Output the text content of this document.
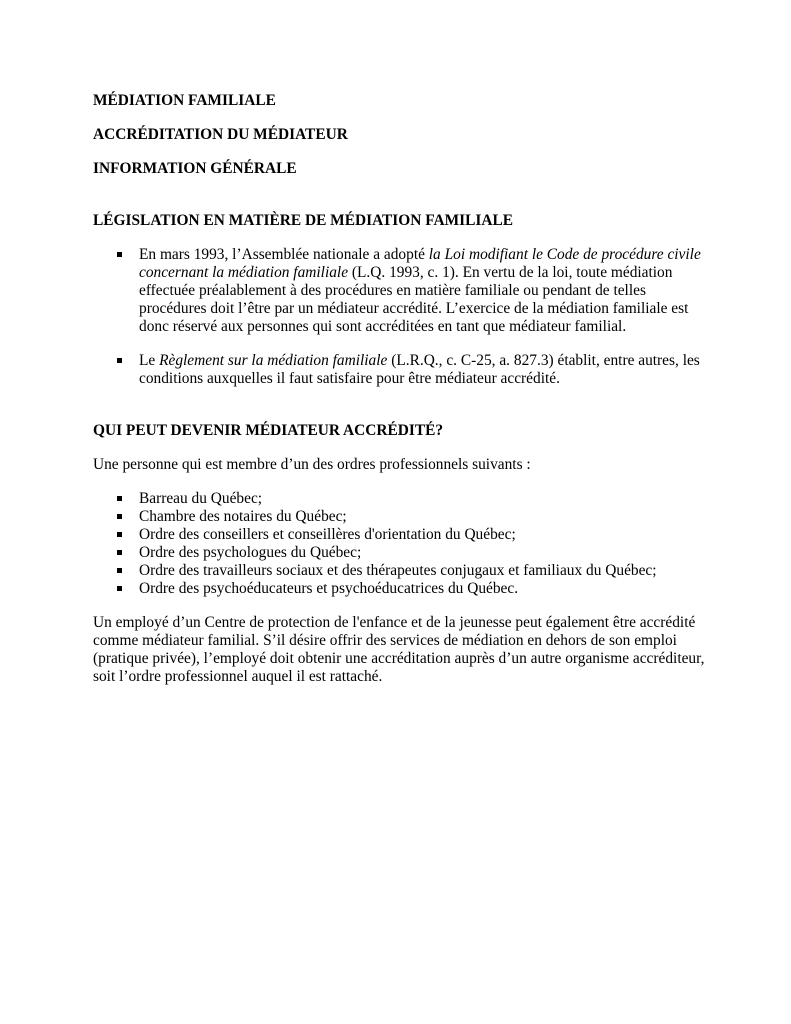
MÉDIATION FAMILIALE

ACCRÉDITATION DU MÉDIATEUR

INFORMATION GÉNÉRALE

LÉGISLATION EN MATIÈRE DE MÉDIATION FAMILIALE

En mars 1993, l’Assemblée nationale a adopté la Loi modifiant le Code de procédure civile concernant la médiation familiale (L.Q. 1993, c. 1). En vertu de la loi, toute médiation effectuée préalablement à des procédures en matière familiale ou pendant de telles procédures doit l’être par un médiateur accrédité. L’exercice de la médiation familiale est donc réservé aux personnes qui sont accréditées en tant que médiateur familial.
Le Règlement sur la médiation familiale (L.R.Q., c. C-25, a. 827.3) établit, entre autres, les conditions auxquelles il faut satisfaire pour être médiateur accrédité.

QUI PEUT DEVENIR MÉDIATEUR ACCRÉDITÉ?

Une personne qui est membre d’un des ordres professionnels suivants :

Barreau du Québec;
Chambre des notaires du Québec;
Ordre des conseillers et conseillères d'orientation du Québec;
Ordre des psychologues du Québec;
Ordre des travailleurs sociaux et des thérapeutes conjugaux et familiaux du Québec;
Ordre des psychoéducateurs et psychoéducatrices du Québec.

Un employé d’un Centre de protection de l'enfance et de la jeunesse peut également être accrédité comme médiateur familial. S’il désire offrir des services de médiation en dehors de son emploi (pratique privée), l’employé doit obtenir une accréditation auprès d’un autre organisme accréditeur, soit l’ordre professionnel auquel il est rattaché.
